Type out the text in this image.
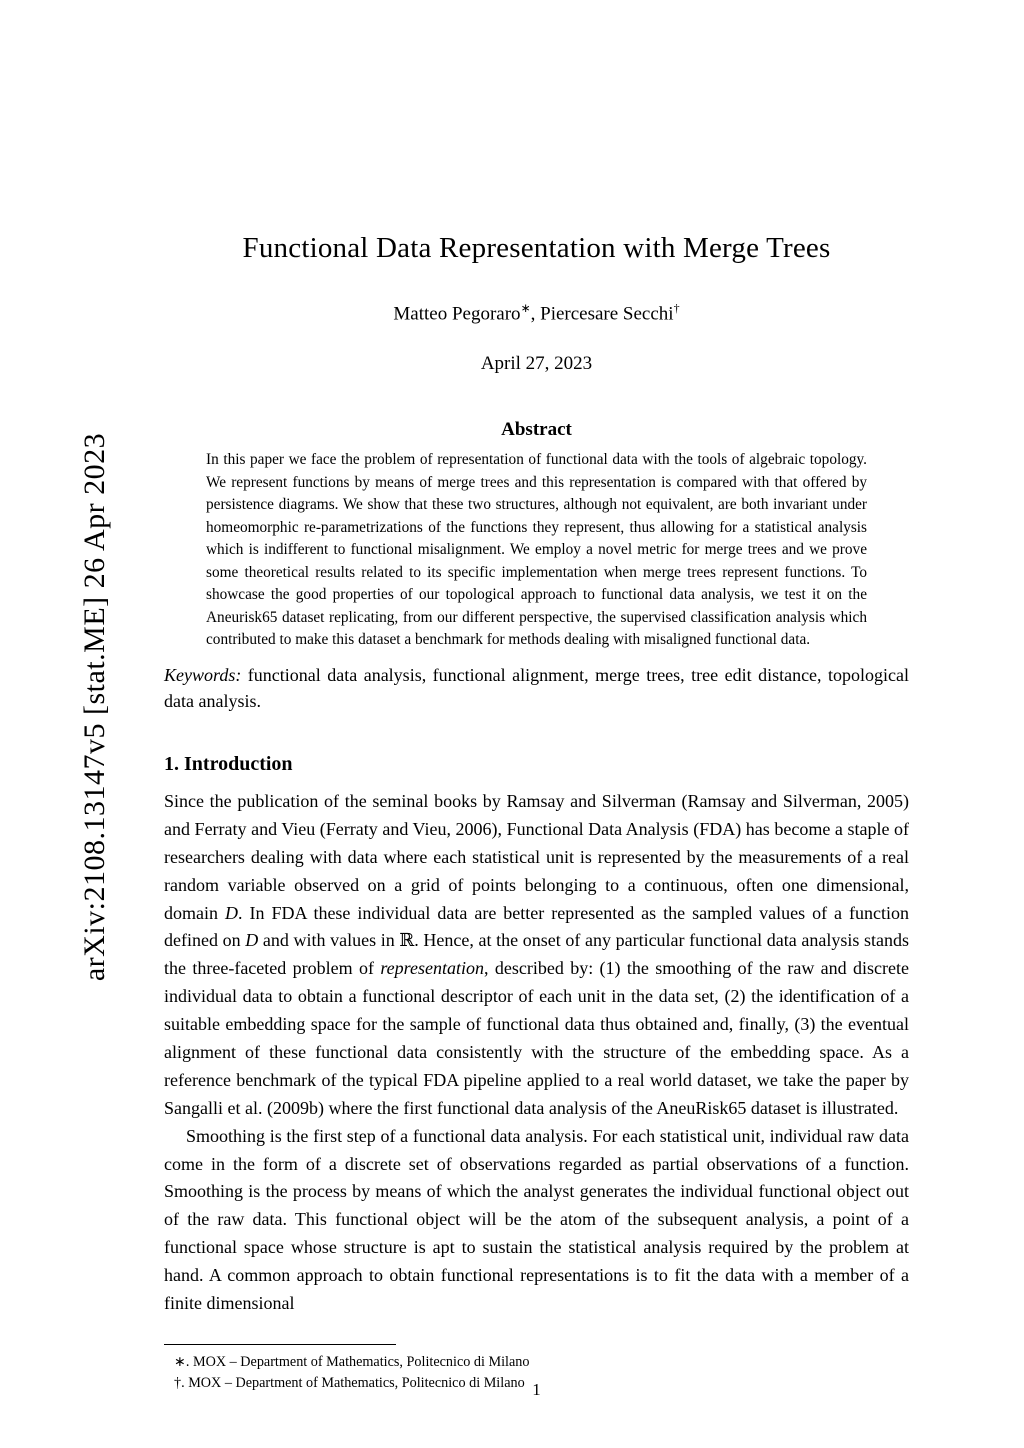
arXiv:2108.13147v5 [stat.ME] 26 Apr 2023
Functional Data Representation with Merge Trees
Matteo Pegoraro∗, Piercesare Secchi†
April 27, 2023
Abstract
In this paper we face the problem of representation of functional data with the tools of algebraic topology. We represent functions by means of merge trees and this representation is compared with that offered by persistence diagrams. We show that these two structures, although not equivalent, are both invariant under homeomorphic re-parametrizations of the functions they represent, thus allowing for a statistical analysis which is indifferent to functional misalignment. We employ a novel metric for merge trees and we prove some theoretical results related to its specific implementation when merge trees represent functions. To showcase the good properties of our topological approach to functional data analysis, we test it on the Aneurisk65 dataset replicating, from our different perspective, the supervised classification analysis which contributed to make this dataset a benchmark for methods dealing with misaligned functional data.
Keywords: functional data analysis, functional alignment, merge trees, tree edit distance, topological data analysis.
1. Introduction

Since the publication of the seminal books by Ramsay and Silverman (Ramsay and Silverman, 2005) and Ferraty and Vieu (Ferraty and Vieu, 2006), Functional Data Analysis (FDA) has become a staple of researchers dealing with data where each statistical unit is represented by the measurements of a real random variable observed on a grid of points belonging to a continuous, often one dimensional, domain D. In FDA these individual data are better represented as the sampled values of a function defined on D and with values in ℝ. Hence, at the onset of any particular functional data analysis stands the three-faceted problem of representation, described by: (1) the smoothing of the raw and discrete individual data to obtain a functional descriptor of each unit in the data set, (2) the identification of a suitable embedding space for the sample of functional data thus obtained and, finally, (3) the eventual alignment of these functional data consistently with the structure of the embedding space. As a reference benchmark of the typical FDA pipeline applied to a real world dataset, we take the paper by Sangalli et al. (2009b) where the first functional data analysis of the AneuRisk65 dataset is illustrated.

Smoothing is the first step of a functional data analysis. For each statistical unit, individual raw data come in the form of a discrete set of observations regarded as partial observations of a function. Smoothing is the process by means of which the analyst generates the individual functional object out of the raw data. This functional object will be the atom of the subsequent analysis, a point of a functional space whose structure is apt to sustain the statistical analysis required by the problem at hand. A common approach to obtain functional representations is to fit the data with a member of a finite dimensional

∗. MOX – Department of Mathematics, Politecnico di Milano
†. MOX – Department of Mathematics, Politecnico di Milano 1
